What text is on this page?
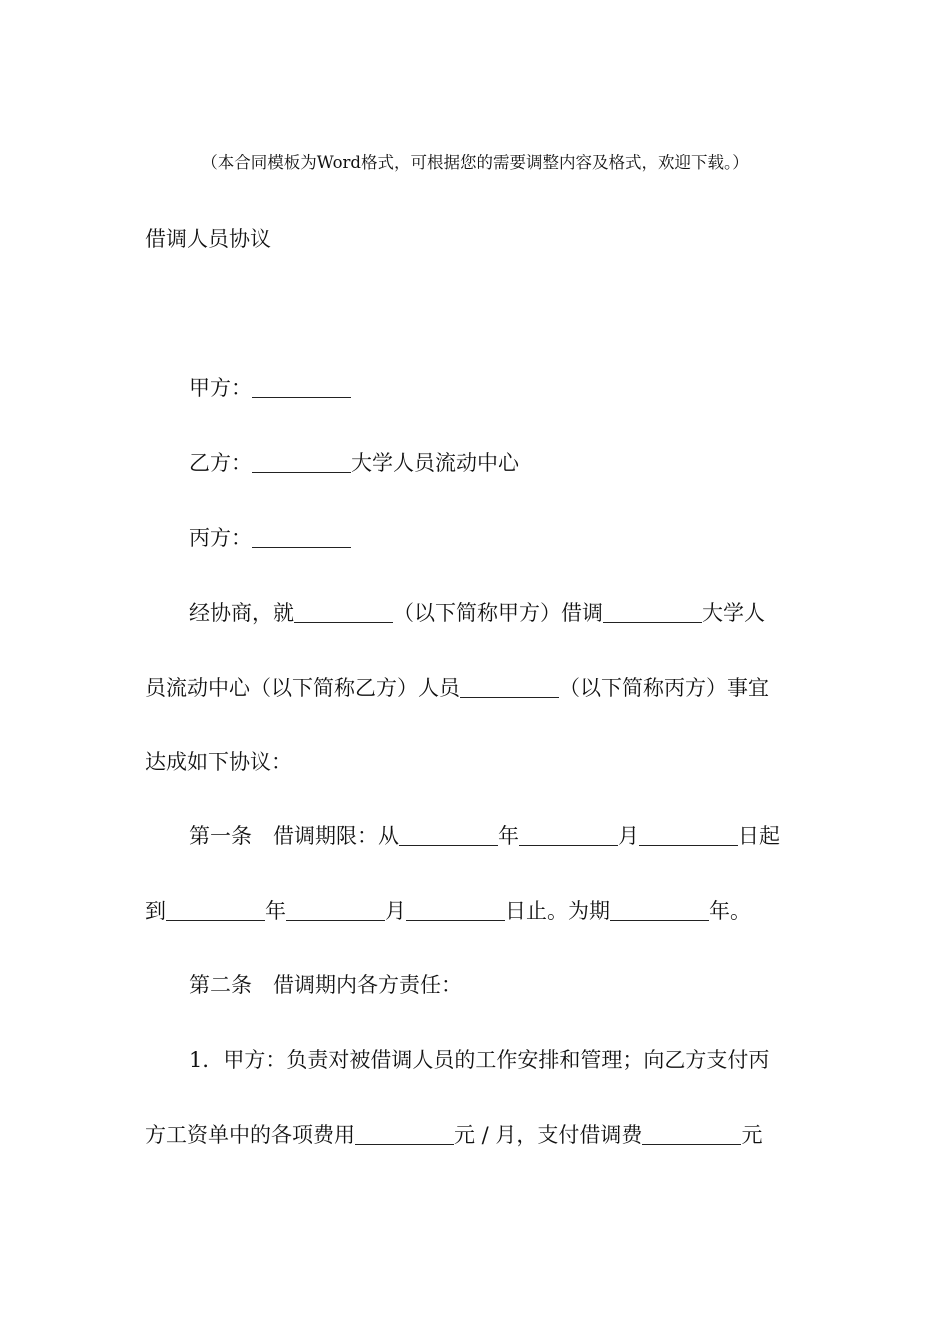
（本合同模板为Word格式，可根据您的需要调整内容及格式，欢迎下载。）
借调人员协议
甲方：
乙方：	大学人员流动中心
丙方：
经协商，就	（以下简称甲方）借调	大学人
员流动中心（以下简称乙方）人员	（以下简称丙方）事宜
达成如下协议：
第一条 借调期限：从	年	月	日起
到	年	月	日止。为期	年。
第二条 借调期内各方责任：
1．甲方：负责对被借调人员的工作安排和管理；向乙方支付丙
方工资单中的各项费用	元 / 月，支付借调费	元
